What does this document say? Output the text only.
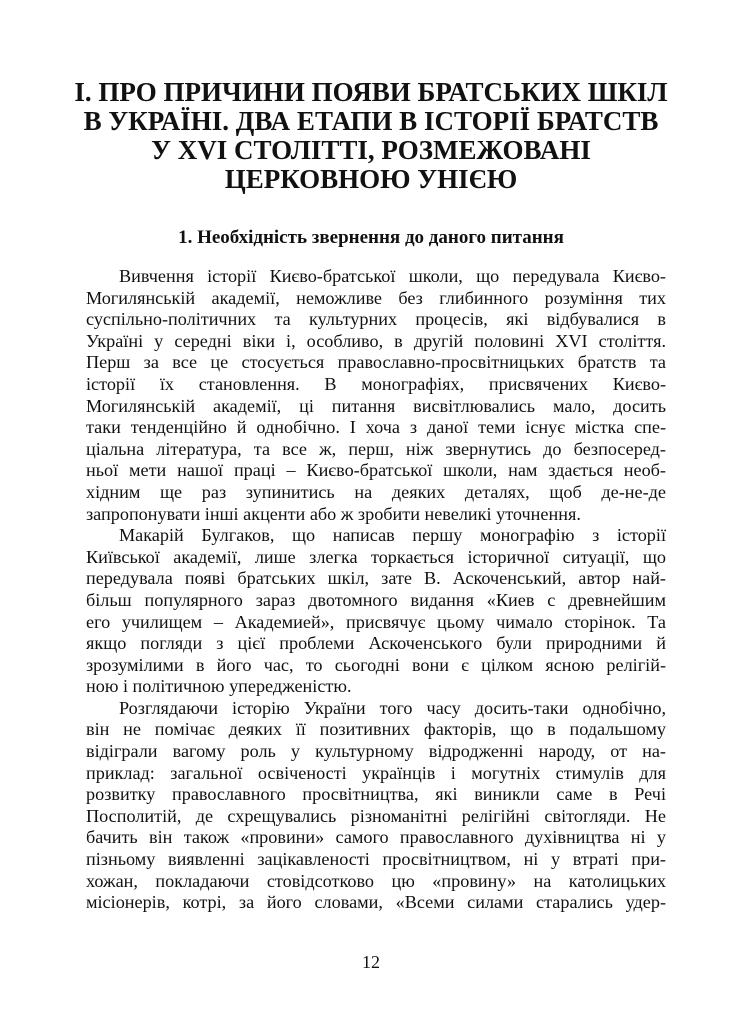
І. ПРО ПРИЧИНИ ПОЯВИ БРАТСЬКИХ ШКІЛ
В УКРАЇНІ. ДВА ЕТАПИ В ІСТОРІЇ БРАТСТВ
У XVI СТОЛІТТІ, РОЗМЕЖОВАНІ
ЦЕРКОВНОЮ УНІЄЮ
1. Необхідність звернення до даного питання
Вивчення історії Києво-братської школи, що передувала Києво-
Могилянській академії, неможливе без глибинного розуміння тих
суспільно-політичних та культурних процесів, які відбувалися в
Україні у середні віки і, особливо, в другій половині XVI століття.
Перш за все це стосується православно-просвітницьких братств та
історії їх становлення. В монографіях, присвячених Києво-
Могилянській академії, ці питання висвітлювались мало, досить
таки тенденційно й однобічно. І хоча з даної теми існує містка спе-
ціальна література, та все ж, перш, ніж звернутись до безпосеред-
ньої мети нашої праці – Києво-братської школи, нам здається необ-
хідним ще раз зупинитись на деяких деталях, щоб де-не-де
запропонувати інші акценти або ж зробити невеликі уточнення.
Макарій Булгаков, що написав першу монографію з історії
Київської академії, лише злегка торкається історичної ситуації, що
передувала появі братських шкіл, зате В. Аскоченський, автор най-
більш популярного зараз двотомного видання «Киев с древнейшим
его училищем – Академией», присвячує цьому чимало сторінок. Та
якщо погляди з цієї проблеми Аскоченського були природними й
зрозумілими в його час, то сьогодні вони є цілком ясною релігій-
ною і політичною упередженістю.
Розглядаючи історію України того часу досить-таки однобічно,
він не помічає деяких її позитивних факторів, що в подальшому
відіграли вагому роль у культурному відродженні народу, от на-
приклад: загальної освіченості українців і могутніх стимулів для
розвитку православного просвітництва, які виникли саме в Речі
Посполитій, де схрещувались різноманітні релігійні світогляди. Не
бачить він також «провини» самого православного духівництва ні у
пізньому виявленні зацікавленості просвітництвом, ні у втраті при-
хожан, покладаючи стовідсотково цю «провину» на католицьких
місіонерів, котрі, за його словами, «Всеми силами старались удер-
12
